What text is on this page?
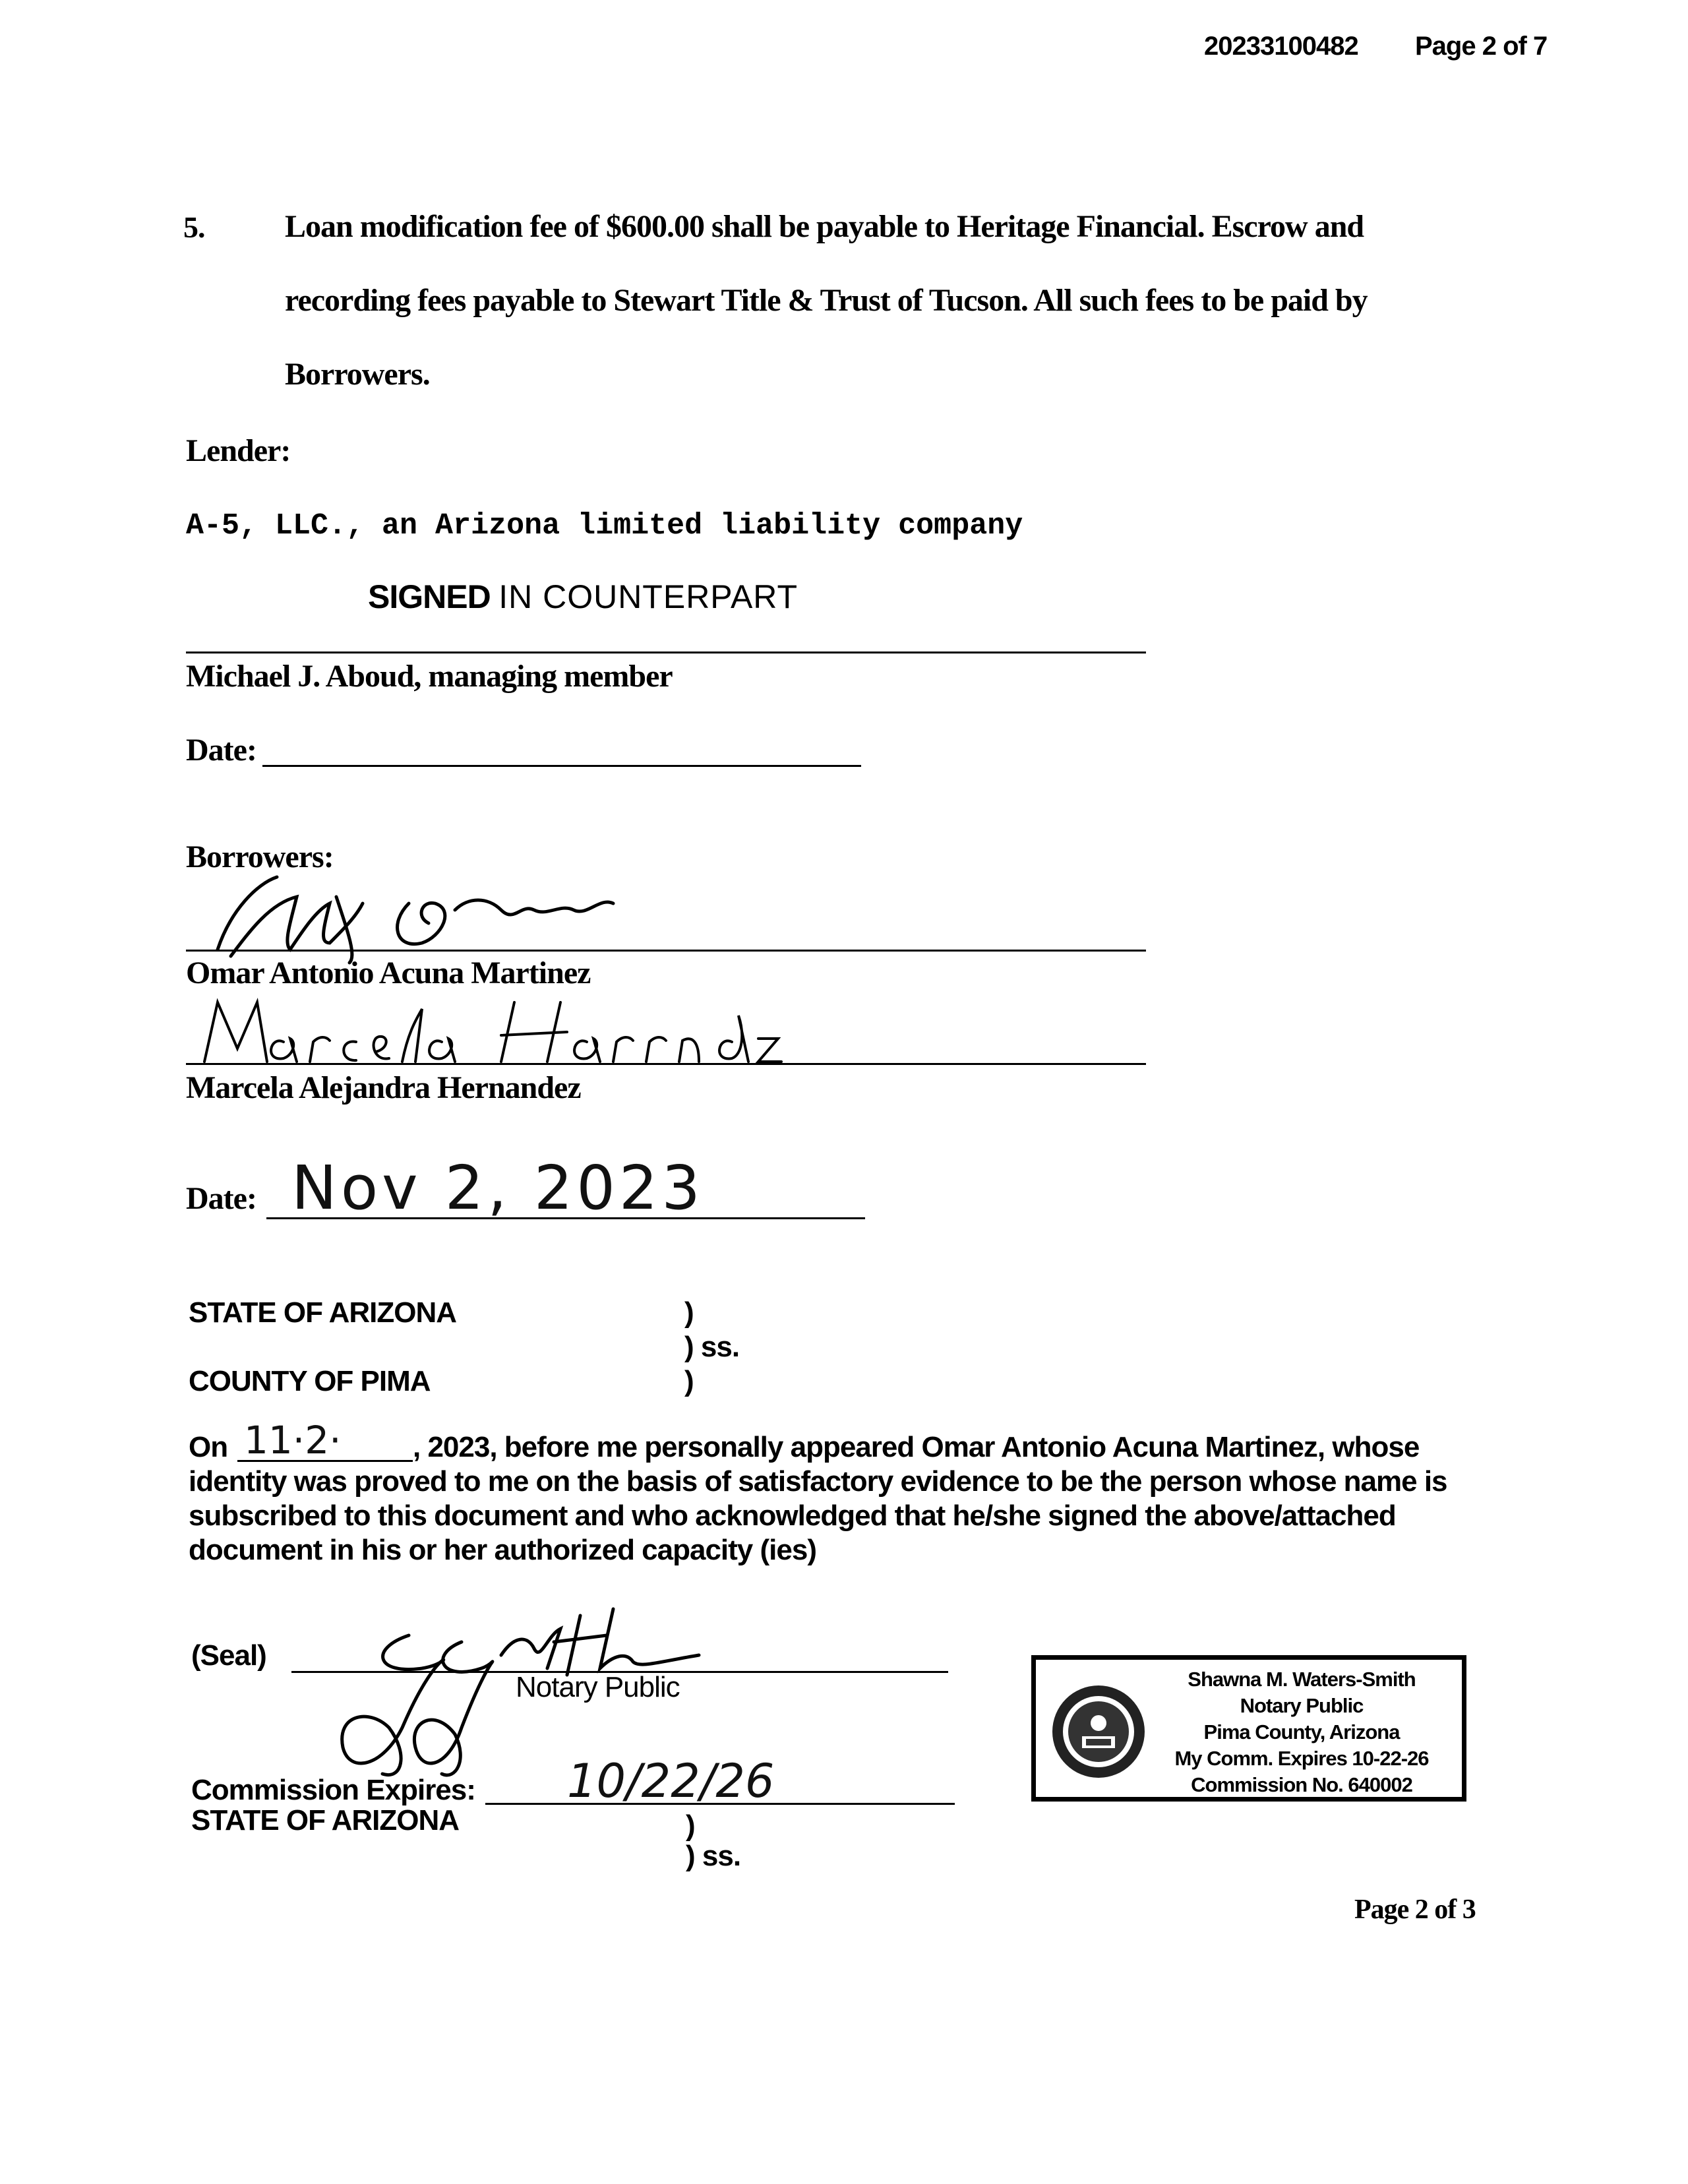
20233100482 Page 2 of 7
5.	Loan modification fee of $600.00 shall be payable to Heritage Financial. Escrow and
recording fees payable to Stewart Title & Trust of Tucson. All such fees to be paid by
Borrowers.
Lender:
A-5, LLC., an Arizona limited liability company
SIGNED IN COUNTERPART
Michael J. Aboud, managing member
Date:
Borrowers:
Omar Antonio Acuna Martinez
Marcela Alejandra Hernandez
Date: Nov 2, 2023
STATE OF ARIZONA	)
) ss.
COUNTY OF PIMA	)
On 11·2· , 2023, before me personally appeared Omar Antonio Acuna Martinez, whose
identity was proved to me on the basis of satisfactory evidence to be the person whose name is
subscribed to this document and who acknowledged that he/she signed the above/attached
document in his or her authorized capacity (ies)
(Seal)
Notary Public
Commission Expires: 10/22/26
STATE OF ARIZONA	)
) ss.
Shawna M. Waters-Smith
Notary Public
Pima County, Arizona
My Comm. Expires 10-22-26
Commission No. 640002
Page 2 of 3
